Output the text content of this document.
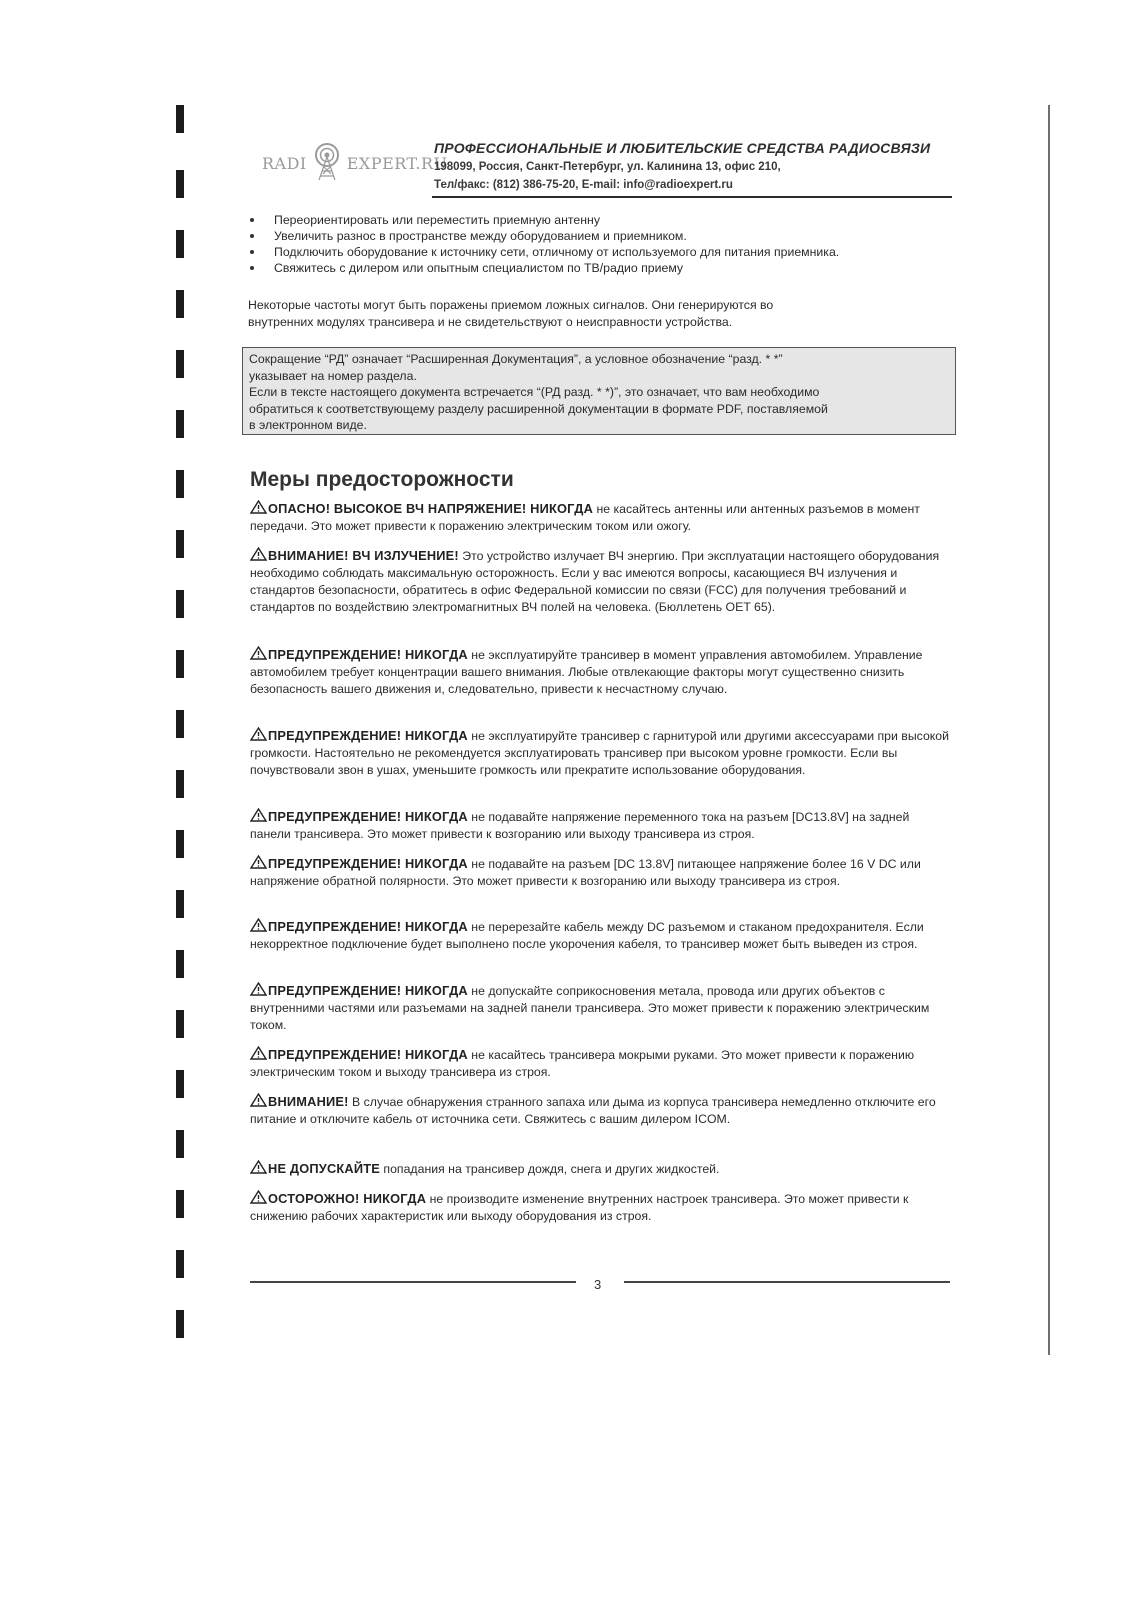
RADI	EXPERT.RU
ПРОФЕССИОНАЛЬНЫЕ И ЛЮБИТЕЛЬСКИЕ СРЕДСТВА РАДИОСВЯЗИ
198099, Россия, Санкт-Петербург, ул. Калинина 13, офис 210,
Тел/факс: (812) 386-75-20, E-mail: info@radioexpert.ru
Переориентировать или переместить приемную антенну
Увеличить разнос в пространстве между оборудованием и приемником.
Подключить оборудование к источнику сети, отличному от используемого для питания приемника.
Свяжитесь с дилером или опытным специалистом по ТВ/радио приему
Некоторые частоты могут быть поражены приемом ложных сигналов. Они генерируются во
внутренних модулях трансивера и не свидетельствуют о неисправности устройства.
Сокращение “РД” означает “Расширенная Документация”, а условное обозначение “разд. * *”
указывает на номер раздела.
Если в тексте настоящего документа встречается “(РД разд. * *)”, это означает, что вам необходимо
обратиться к соответствующему разделу расширенной документации в формате PDF, поставляемой
в электронном виде.
Меры предосторожности

ОПАСНО! ВЫСОКОЕ ВЧ НАПРЯЖЕНИЕ! НИКОГДА не касайтесь антенны или антенных разъемов в момент передачи. Это может привести к поражению электрическим током или ожогу.

ВНИМАНИЕ! ВЧ ИЗЛУЧЕНИЕ! Это устройство излучает ВЧ энергию. При эксплуатации настоящего оборудования необходимо соблюдать максимальную осторожность. Если у вас имеются вопросы, касающиеся ВЧ излучения и стандартов безопасности, обратитесь в офис Федеральной комиссии по связи (FCC) для получения требований и стандартов по воздействию электромагнитных ВЧ полей на человека. (Бюллетень OET 65).

ПРЕДУПРЕЖДЕНИЕ! НИКОГДА не эксплуатируйте трансивер в момент управления автомобилем. Управление автомобилем требует концентрации вашего внимания. Любые отвлекающие факторы могут существенно снизить безопасность вашего движения и, следовательно, привести к несчастному случаю.

ПРЕДУПРЕЖДЕНИЕ! НИКОГДА не эксплуатируйте трансивер с гарнитурой или другими аксессуарами при высокой громкости. Настоятельно не рекомендуется эксплуатировать трансивер при высоком уровне громкости. Если вы почувствовали звон в ушах, уменьшите громкость или прекратите использование оборудования.

ПРЕДУПРЕЖДЕНИЕ! НИКОГДА не подавайте напряжение переменного тока на разъем [DC13.8V] на задней панели трансивера. Это может привести к возгоранию или выходу трансивера из строя.

ПРЕДУПРЕЖДЕНИЕ! НИКОГДА не подавайте на разъем [DC 13.8V] питающее напряжение более 16 V DC или напряжение обратной полярности. Это может привести к возгоранию или выходу трансивера из строя.

ПРЕДУПРЕЖДЕНИЕ! НИКОГДА не перерезайте кабель между DC разъемом и стаканом предохранителя. Если некорректное подключение будет выполнено после укорочения кабеля, то трансивер может быть выведен из строя.

ПРЕДУПРЕЖДЕНИЕ! НИКОГДА не допускайте соприкосновения метала, провода или других объектов с внутренними частями или разъемами на задней панели трансивера. Это может привести к поражению электрическим током.

ПРЕДУПРЕЖДЕНИЕ! НИКОГДА не касайтесь трансивера мокрыми руками. Это может привести к поражению электрическим током и выходу трансивера из строя.

ВНИМАНИЕ! В случае обнаружения странного запаха или дыма из корпуса трансивера немедленно отключите его питание и отключите кабель от источника сети. Свяжитесь с вашим дилером ICOM.

НЕ ДОПУСКАЙТЕ попадания на трансивер дождя, снега и других жидкостей.

ОСТОРОЖНО! НИКОГДА не производите изменение внутренних настроек трансивера. Это может привести к снижению рабочих характеристик или выходу оборудования из строя.

3
